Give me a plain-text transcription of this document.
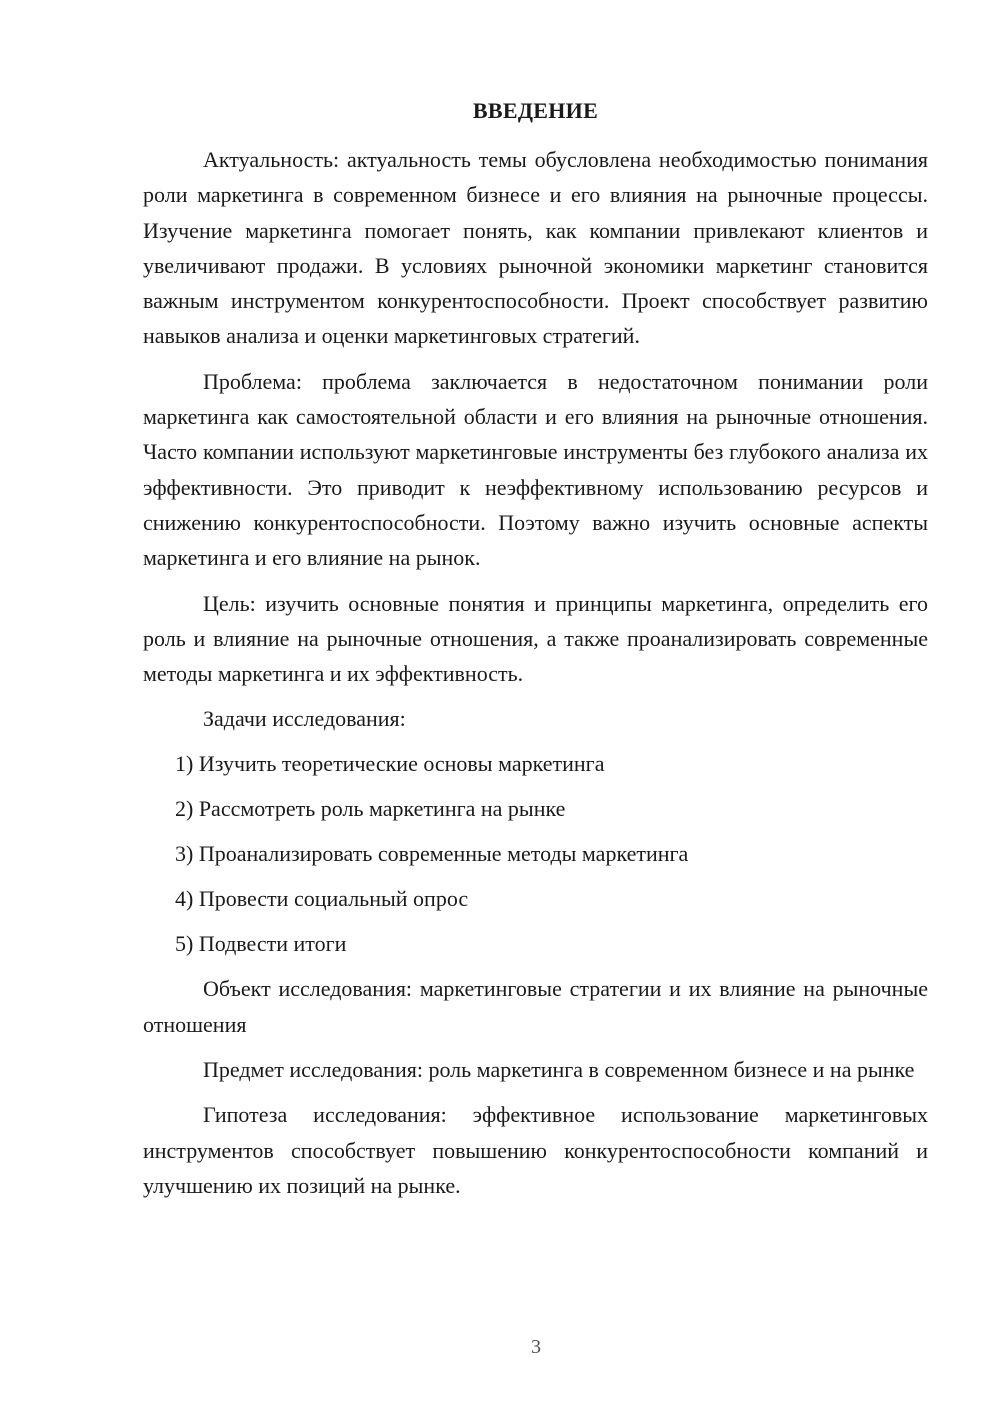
ВВЕДЕНИЕ

Актуальность: актуальность темы обусловлена необходимостью понимания роли маркетинга в современном бизнесе и его влияния на рыночные процессы. Изучение маркетинга помогает понять, как компании привлекают клиентов и увеличивают продажи. В условиях рыночной экономики маркетинг становится важным инструментом конкурентоспособности. Проект способствует развитию навыков анализа и оценки маркетинговых стратегий.

Проблема: проблема заключается в недостаточном понимании роли маркетинга как самостоятельной области и его влияния на рыночные отношения. Часто компании используют маркетинговые инструменты без глубокого анализа их эффективности. Это приводит к неэффективному использованию ресурсов и снижению конкурентоспособности. Поэтому важно изучить основные аспекты маркетинга и его влияние на рынок.

Цель: изучить основные понятия и принципы маркетинга, определить его роль и влияние на рыночные отношения, а также проанализировать современные методы маркетинга и их эффективность.

Задачи исследования:
1) Изучить теоретические основы маркетинга
2) Рассмотреть роль маркетинга на рынке
3) Проанализировать современные методы маркетинга
4) Провести социальный опрос
5) Подвести итоги

Объект исследования: маркетинговые стратегии и их влияние на рыночные отношения

Предмет исследования: роль маркетинга в современном бизнесе и на рынке

Гипотеза исследования: эффективное использование маркетинговых инструментов способствует повышению конкурентоспособности компаний и улучшению их позиций на рынке.

3
